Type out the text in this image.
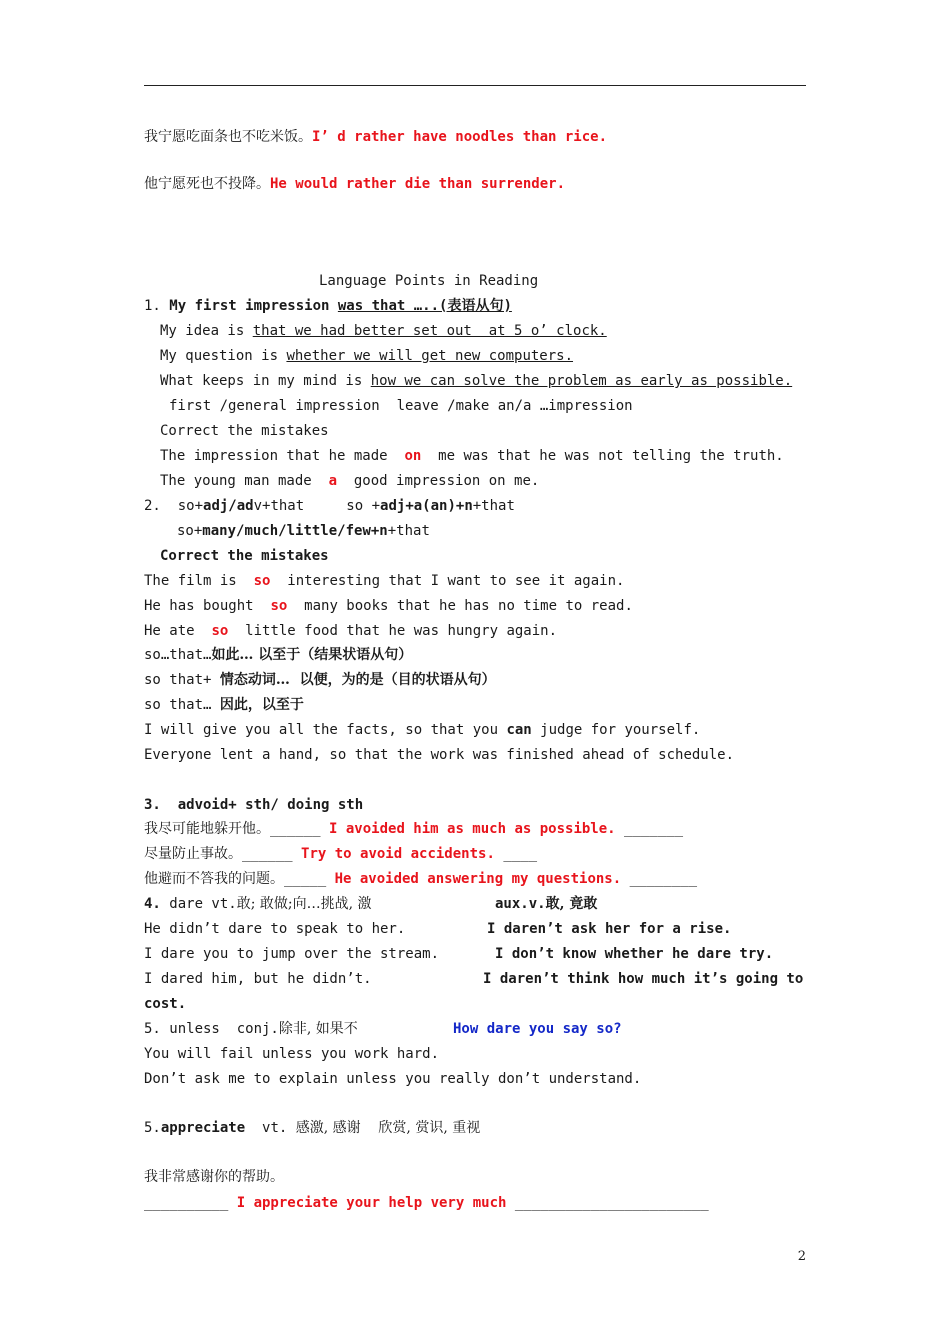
我宁愿吃面条也不吃米饭。I’ d rather have noodles than rice.
他宁愿死也不投降。He would rather die than surrender.
Language Points in Reading
1. My first impression was that …..(表语从句)
My idea is that we had better set out  at 5 o’ clock.
My question is whether we will get new computers.
What keeps in my mind is how we can solve the problem as early as possible.
first /general impression  leave /make an/a …impression
Correct the mistakes
The impression that he made  on  me was that he was not telling the truth.
The young man made  a  good impression on me.
2. so+adj/adv+that     so +adj+a(an)+n+that
so+many/much/little/few+n+that
Correct the mistakes
The film is  so  interesting that I want to see it again.
He has bought  so  many books that he has no time to read.
He ate  so  little food that he was hungry again.
so…that…如此… 以至于（结果状语从句）
so that+ 情态动词…  以便，为的是（目的状语从句）
so that… 因此，以至于
I will give you all the facts, so that you can judge for yourself.
Everyone lent a hand, so that the work was finished ahead of schedule.
3.  advoid+ sth/ doing sth
我尽可能地躲开他。______ I avoided him as much as possible. _______
尽量防止事故。______ Try to avoid accidents. ____
他避而不答我的问题。_____ He avoided answering my questions. ________
4. dare vt.敢; 敢做;向…挑战, 激	aux.v.敢, 竟敢
He didn’t dare to speak to her.	I daren’t ask her for a rise.
I dare you to jump over the stream.	I don’t know whether he dare try.
I dared him, but he didn’t.	I daren’t think how much it’s going to
cost.
5. unless  conj.除非, 如果不	How dare you say so?
You will fail unless you work hard.
Don’t ask me to explain unless you really don’t understand.
5.appreciate  vt. 感激, 感谢    欣赏, 赏识, 重视
我非常感谢你的帮助。
__________ I appreciate your help very much _______________________
2
